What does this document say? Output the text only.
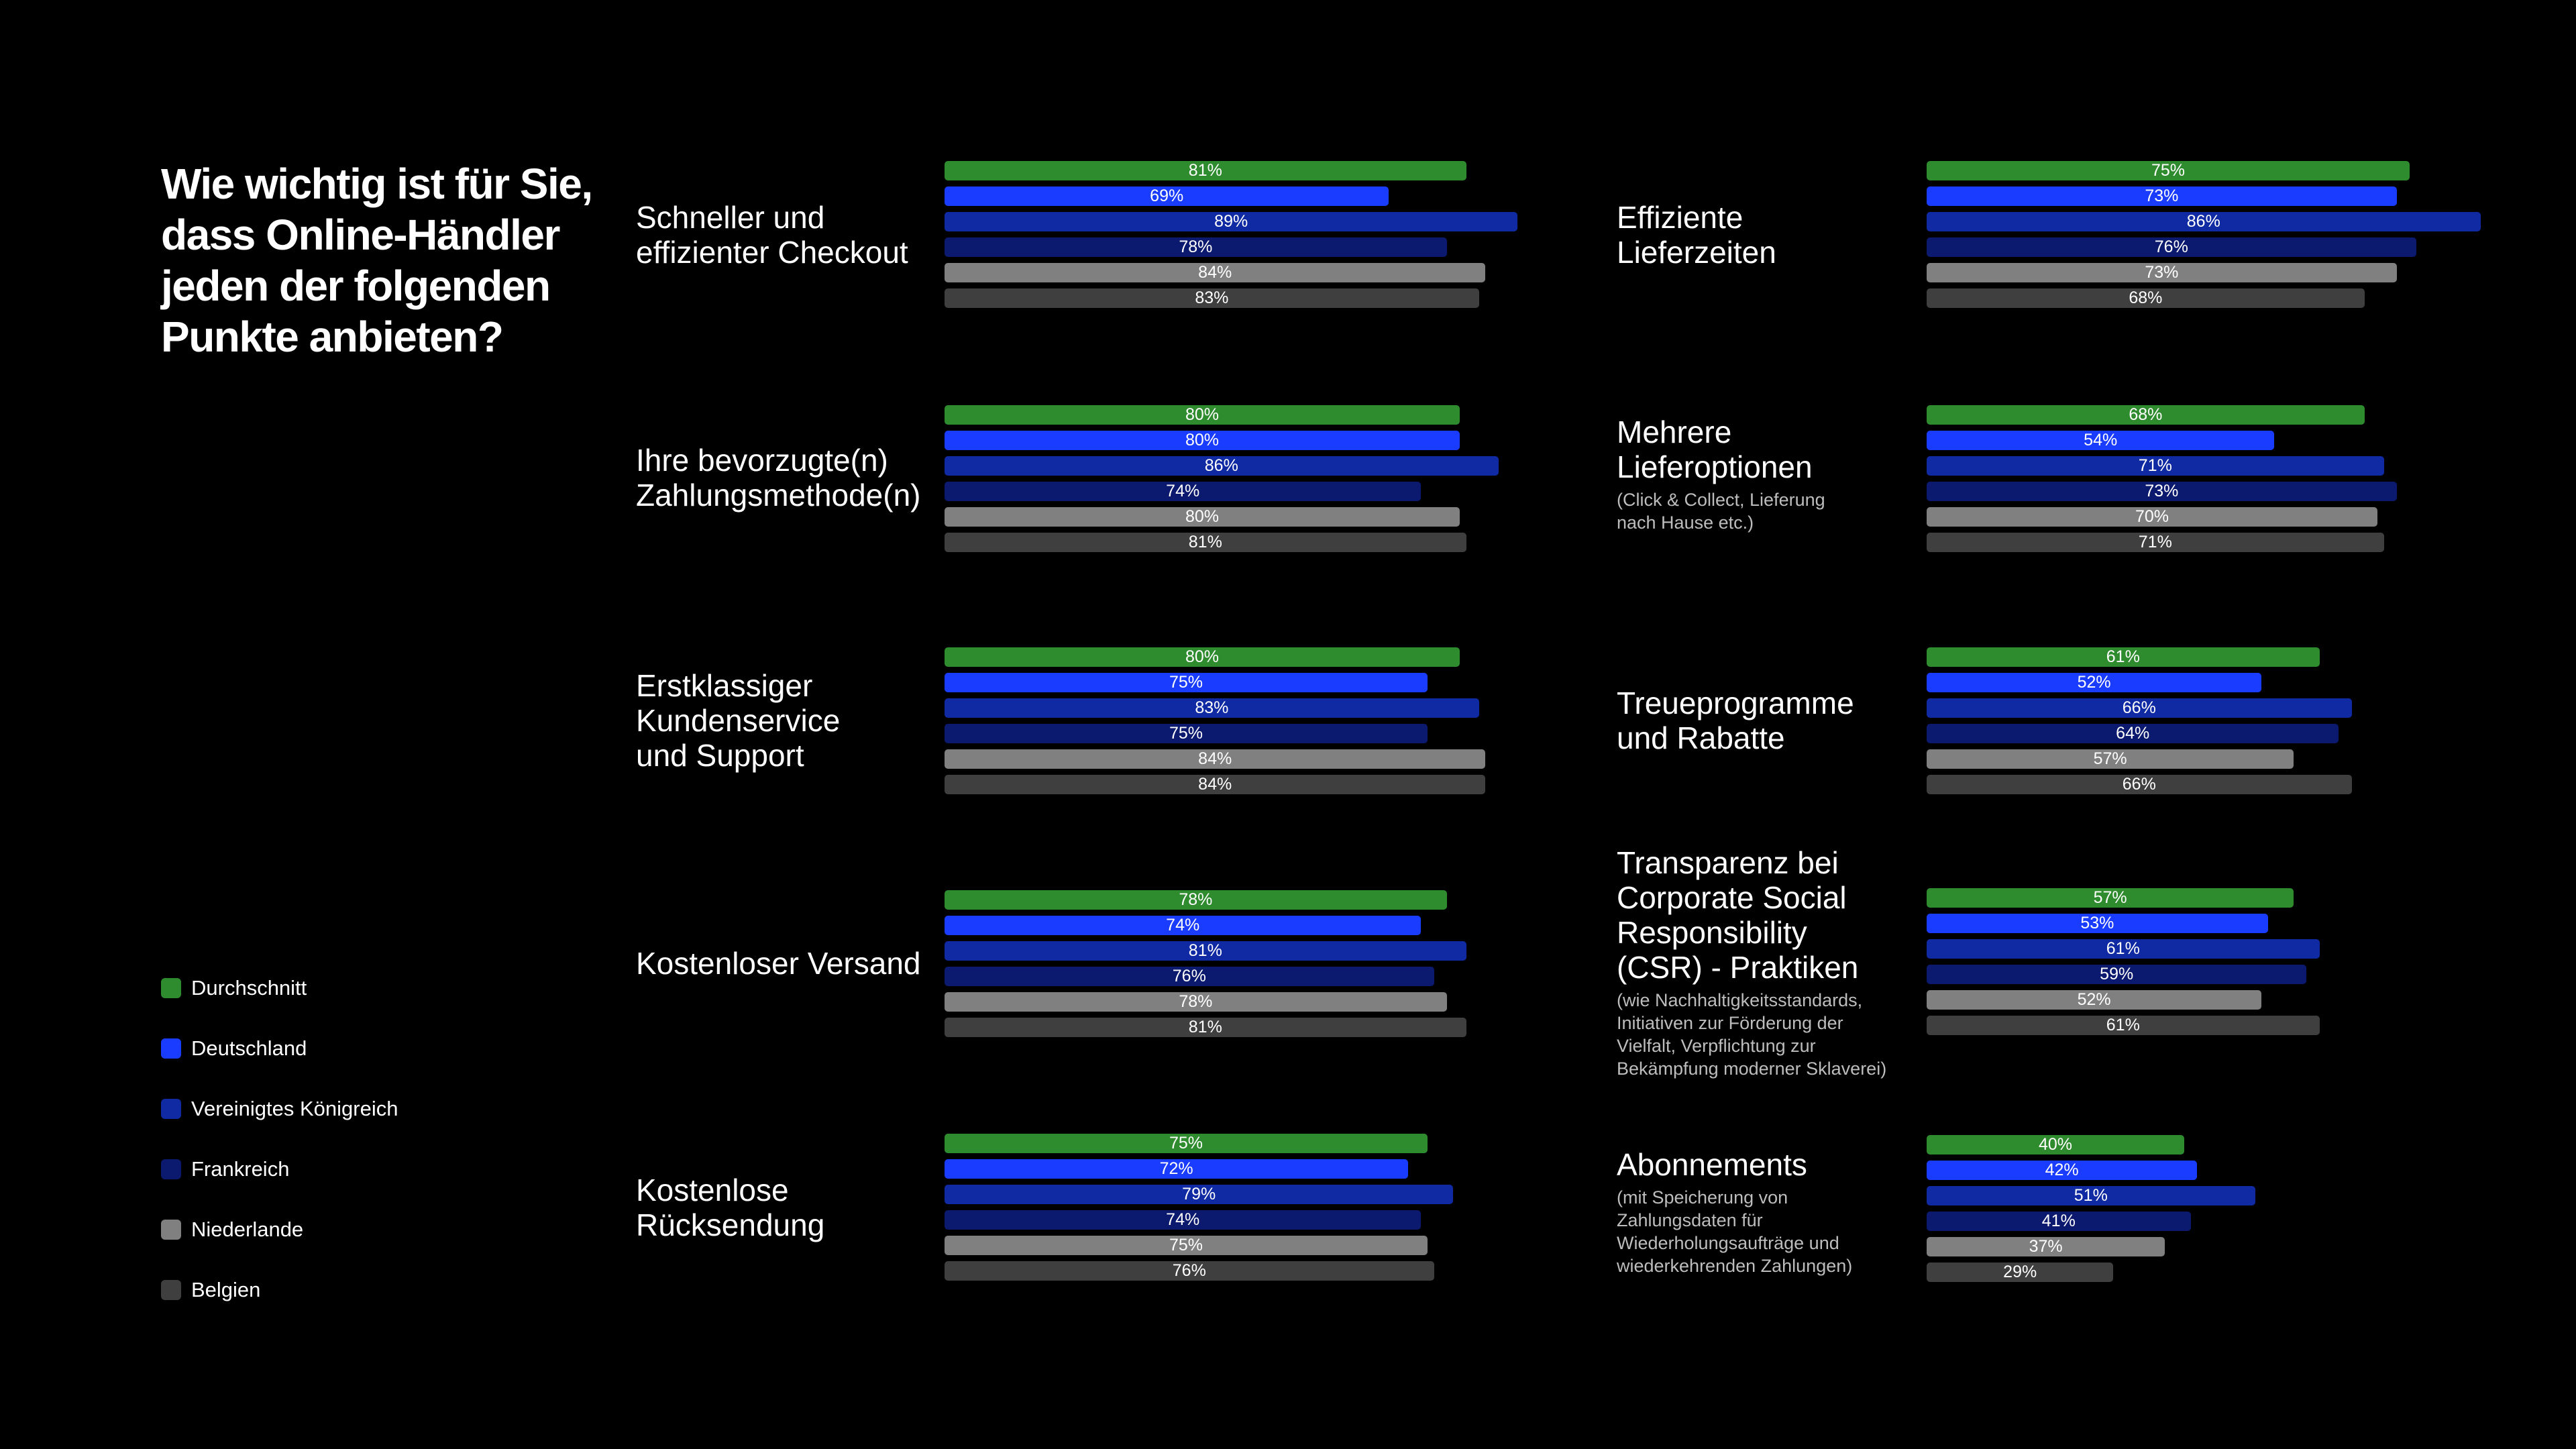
Wie wichtig ist für Sie,
dass Online-Händler
jeden der folgenden
Punkte anbieten?
Durchschnitt
Deutschland
Vereinigtes Königreich
Frankreich
Niederlande
Belgien
Schneller und
effizienter Checkout
81%
69%
89%
78%
84%
83%
Ihre bevorzugte(n)
Zahlungsmethode(n)
80%
80%
86%
74%
80%
81%
Erstklassiger
Kundenservice
und Support
80%
75%
83%
75%
84%
84%
Kostenloser Versand
78%
74%
81%
76%
78%
81%
Kostenlose
Rücksendung
75%
72%
79%
74%
75%
76%
Effiziente
Lieferzeiten
75%
73%
86%
76%
73%
68%
Mehrere
Lieferoptionen
(Click & Collect, Lieferung
nach Hause etc.)
68%
54%
71%
73%
70%
71%
Treueprogramme
und Rabatte
61%
52%
66%
64%
57%
66%
Transparenz bei
Corporate Social
Responsibility
(CSR) - Praktiken
(wie Nachhaltigkeitsstandards,
Initiativen zur Förderung der
Vielfalt, Verpflichtung zur
Bekämpfung moderner Sklaverei)
57%
53%
61%
59%
52%
61%
Abonnements
(mit Speicherung von
Zahlungsdaten für
Wiederholungsaufträge und
wiederkehrenden Zahlungen)
40%
42%
51%
41%
37%
29%
